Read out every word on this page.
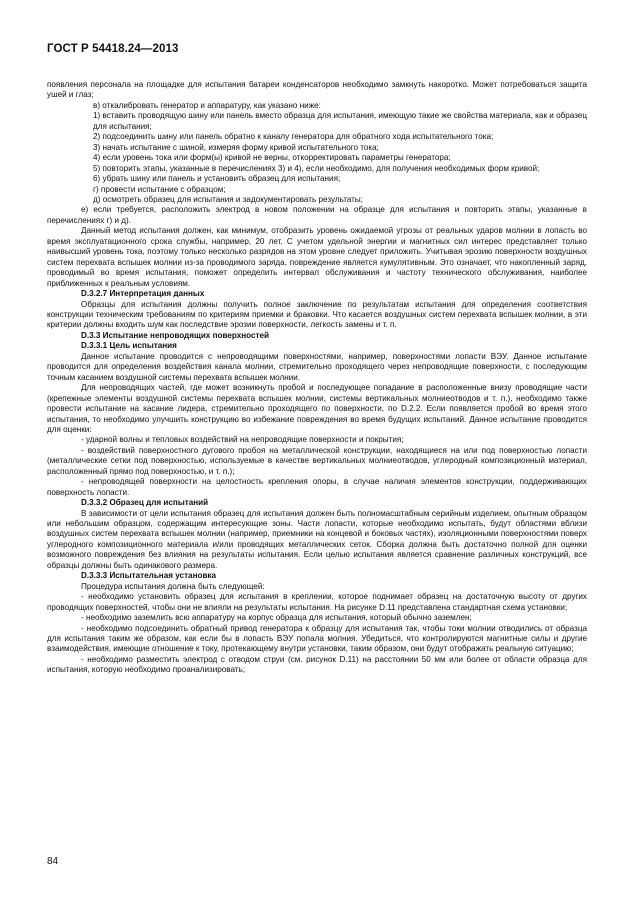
ГОСТ Р 54418.24—2013

появления персонала на площадке для испытания батареи конденсаторов необходимо замкнуть накоротко. Может потребоваться защита ушей и глаз;

в) откалибровать генератор и аппаратуру, как указано ниже:

1) вставить проводящую шину или панель вместо образца для испытания, имеющую такие же свойства материала, как и образец для испытания;

2) подсоединить шину или панель обратно к каналу генератора для обратного хода испытательного тока;

3) начать испытание с шиной, измеряя форму кривой испытательного тока;

4) если уровень тока или форм(ы) кривой не верны, откорректировать параметры генератора;

5) повторить этапы, указанные в перечислениях 3) и 4), если необходимо, для получения необходимых форм кривой;

6) убрать шину или панель и установить образец для испытания;

г) провести испытание с образцом;

д) осмотреть образец для испытания и задокументировать результаты;

е) если требуется, расположить электрод в новом положении на образце для испытания и повторить этапы, указанные в перечислениях г) и д).

Данный метод испытания должен, как минимум, отобразить уровень ожидаемой угрозы от реальных ударов молнии в лопасть во время эксплуатационного срока службы, например, 20 лет. С учетом удельной энергии и магнитных сил интерес представляет только наивысший уровень тока, поэтому только несколько разрядов на этом уровне следует приложить. Учитывая эрозию поверхности воздушных систем перехвата вспышек молнии из-за проводимого заряда, повреждение является кумулятивным. Это означает, что накопленный заряд, проводимый во время испытания, поможет определить интервал обслуживания и частоту технического обслуживания, наиболее приближенных к реальным условиям.

D.3.2.7 Интерпретация данных

Образцы для испытания должны получить полное заключение по результатам испытания для определения соответствия конструкции техническим требованиям по критериям приемки и браковки. Что касается воздушных систем перехвата вспышек молнии, в эти критерии должны входить шум как последствие эрозии поверхности, легкость замены и т. п.

D.3.3 Испытание непроводящих поверхностей

D.3.3.1 Цель испытания

Данное испытание проводится с непроводящими поверхностями, например, поверхностями лопасти ВЭУ. Данное испытание проводится для определения воздействия канала молнии, стремительно проходящего через непроводящие поверхности, с последующим точным касанием воздушной системы перехвата вспышек молнии.

Для непроводящих частей, где может возникнуть пробой и последующее попадание в расположенные внизу проводящие части (крепежные элементы воздушной системы перехвата вспышек молнии, системы вертикальных молниеотводов и т. п.), необходимо также провести испытание на касание лидера, стремительно проходящего по поверхности, по D.2.2. Если появляется пробой во время этого испытания, то необходимо улучшить конструкцию во избежание повреждения во время будущих испытаний. Данное испытание проводится для оценки:

- ударной волны и тепловых воздействий на непроводящие поверхности и покрытия;

- воздействий поверхностного дугового пробоя на металлической конструкции, находящиеся на или под поверхностью лопасти (металлические сетки под поверхностью, используемые в качестве вертикальных молниеотводов, углеродный композиционный материал, расположенный прямо под поверхностью, и т. п.);

- непроводящей поверхности на целостность крепления опоры, в случае наличия элементов конструкции, поддерживающих поверхность лопасти.

D.3.3.2 Образец для испытаний

В зависимости от цели испытания образец для испытания должен быть полномасштабным серийным изделием, опытным образцом или небольшим образцом, содержащим интересующие зоны. Части лопасти, которые необходимо испытать, будут областями вблизи воздушных систем перехвата вспышек молнии (например, приемники на концевой и боковых частях), изоляционными поверхностями поверх углеродного композиционного материала и/или проводящих металлических сеток. Сборка должна быть достаточно полной для оценки возможного повреждения без влияния на результаты испытания. Если целью испытания является сравнение различных конструкций, все образцы должны быть одинакового размера.

D.3.3.3 Испытательная установка

Процедура испытания должна быть следующей:

- необходимо установить образец для испытания в креплении, которое поднимает образец на достаточную высоту от других проводящих поверхностей, чтобы они не влияли на результаты испытания. На рисунке D.11 представлена стандартная схема установки;

- необходимо заземлить всю аппаратуру на корпус образца для испытания, который обычно заземлен;

- необходимо подсоединить обратный привод генератора к образцу для испытания так, чтобы токи молнии отводились от образца для испытания таким же образом, как если бы в лопасть ВЭУ попала молния. Убедиться, что контролируются магнитные силы и другие взаимодействия, имеющие отношение к току, протекающему внутри установки, таким образом, они будут отображать реальную ситуацию;

- необходимо разместить электрод с отводом струи (см. рисунок D.11) на расстоянии 50 мм или более от области образца для испытания, которую необходимо проанализировать;

84
